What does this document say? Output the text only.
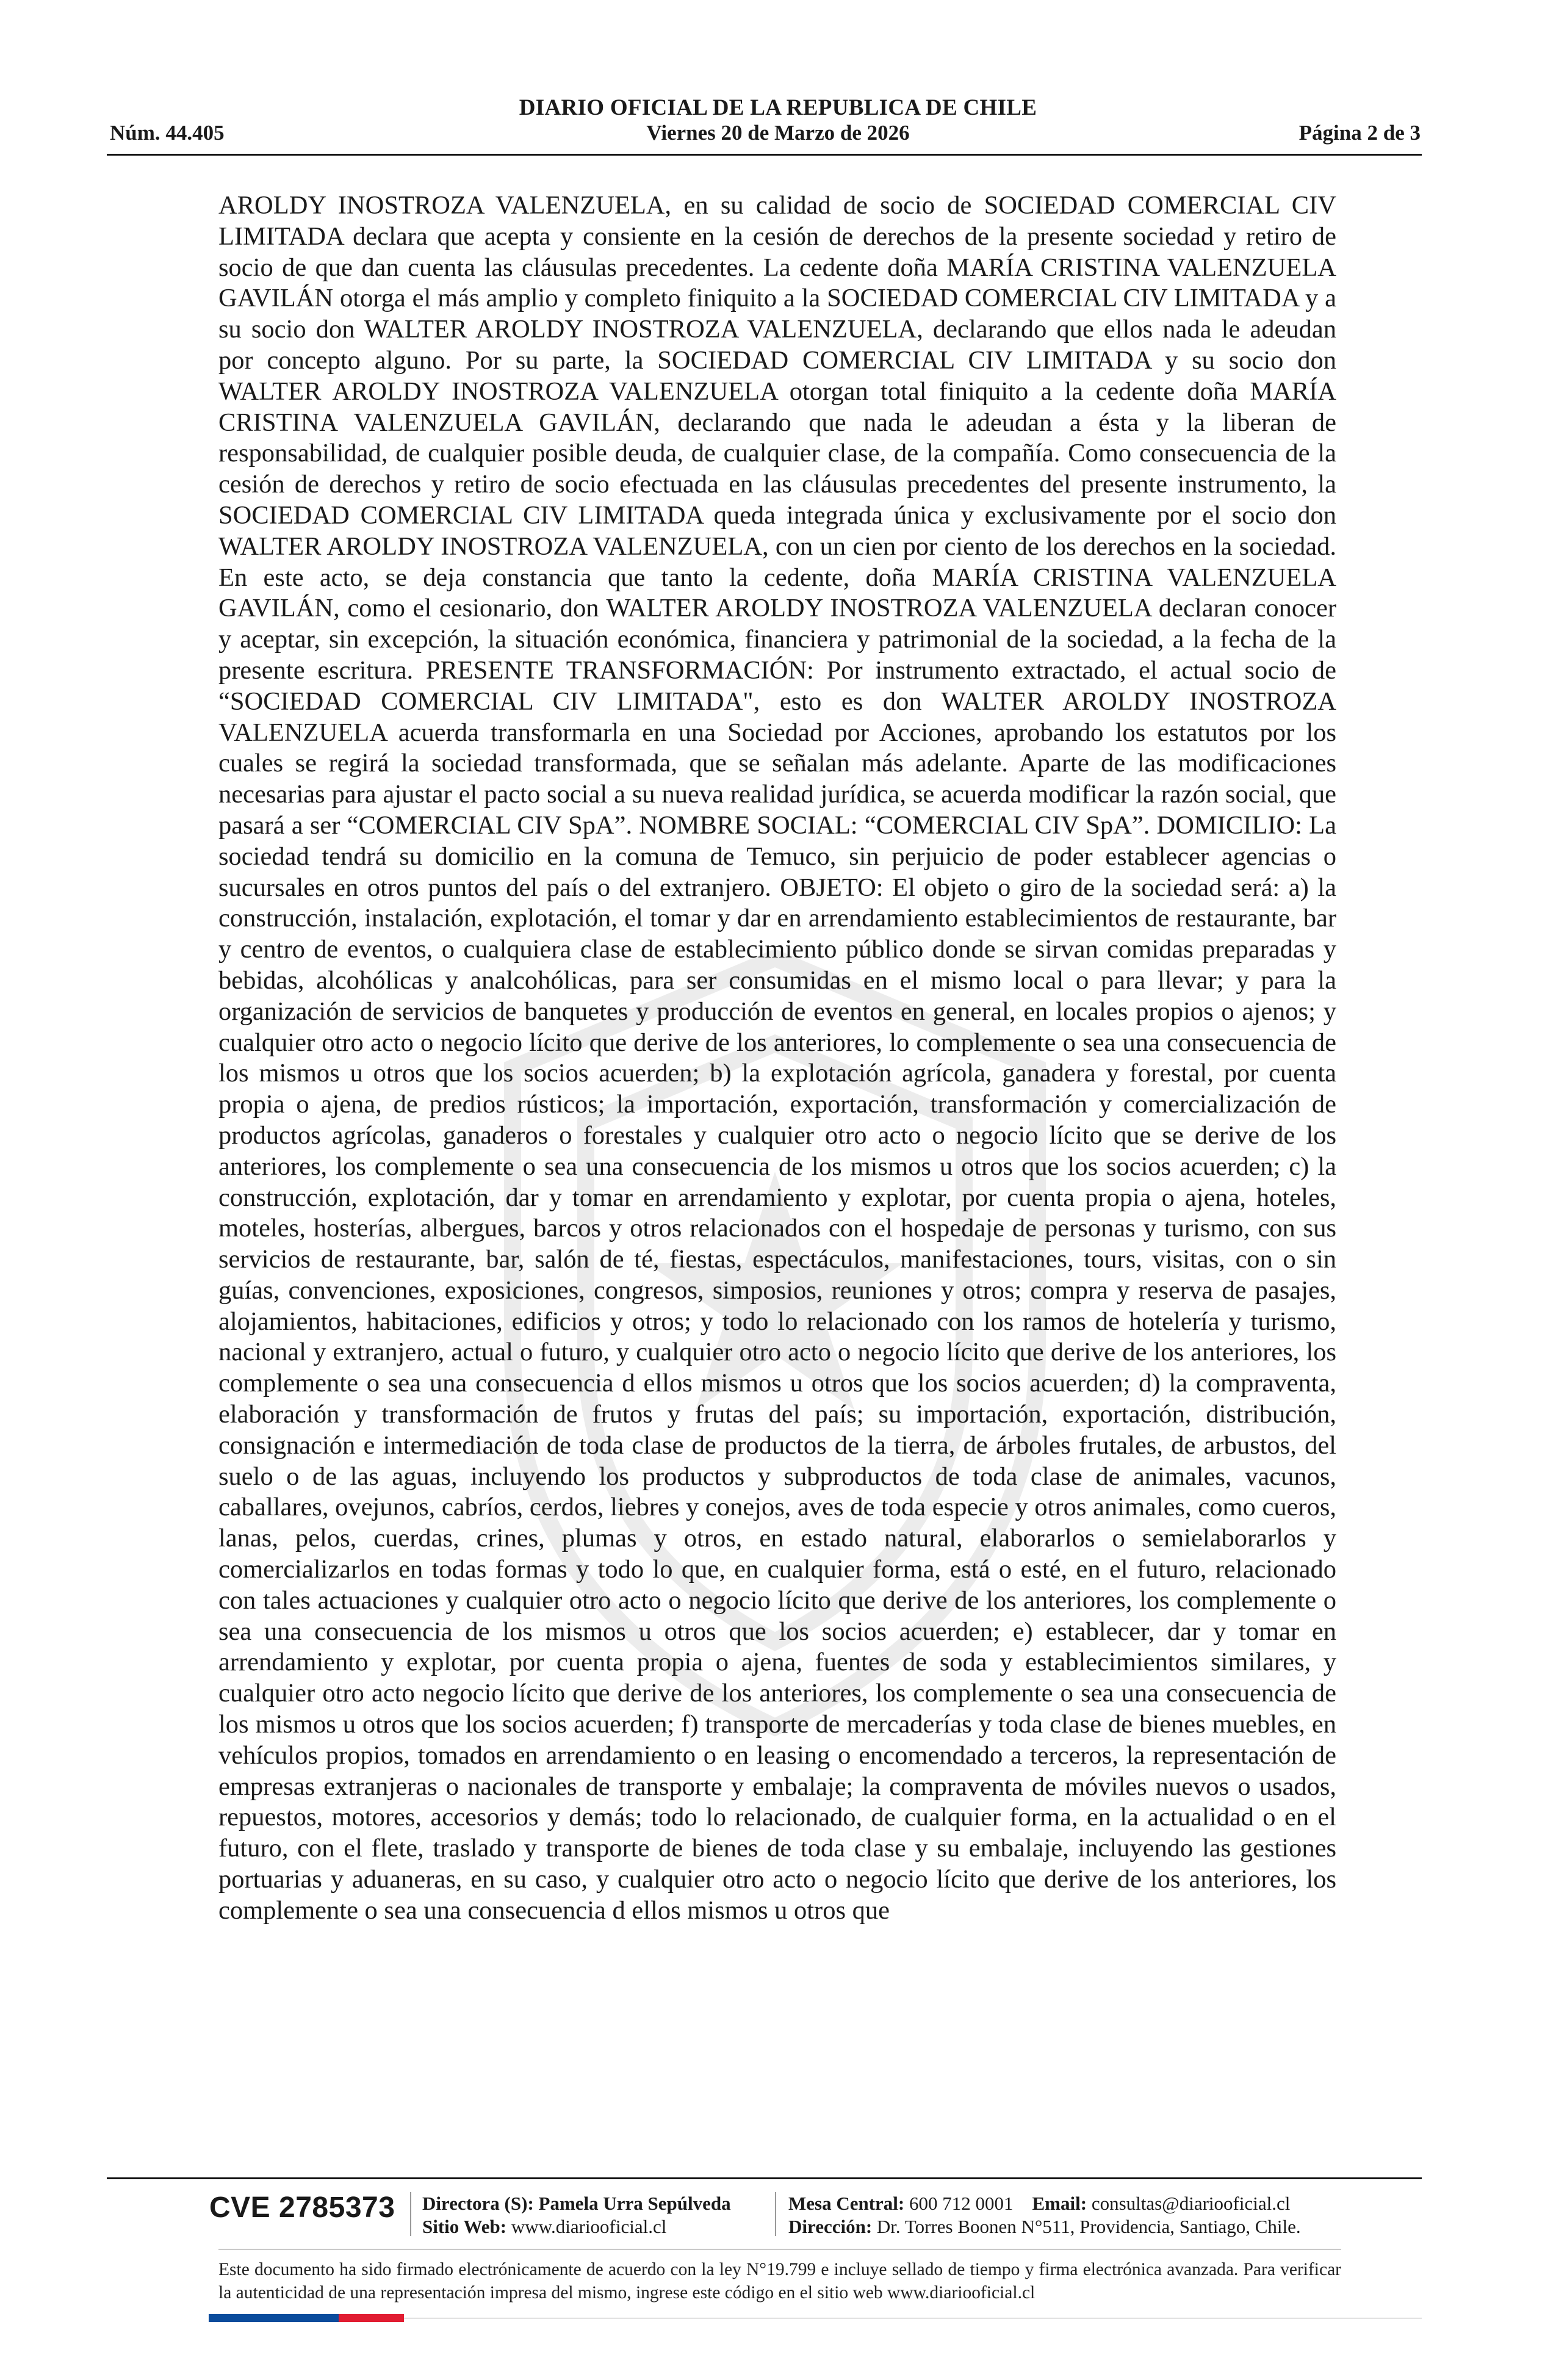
DIARIO OFICIAL DE LA REPUBLICA DE CHILE
Núm. 44.405	Viernes 20 de Marzo de 2026	Página 2 de 3

AROLDY INOSTROZA VALENZUELA, en su calidad de socio de SOCIEDAD COMERCIAL CIV LIMITADA declara que acepta y consiente en la cesión de derechos de la presente sociedad y retiro de socio de que dan cuenta las cláusulas precedentes. La cedente doña MARÍA CRISTINA VALENZUELA GAVILÁN otorga el más amplio y completo finiquito a la SOCIEDAD COMERCIAL CIV LIMITADA y a su socio don WALTER AROLDY INOSTROZA VALENZUELA, declarando que ellos nada le adeudan por concepto alguno. Por su parte, la SOCIEDAD COMERCIAL CIV LIMITADA y su socio don WALTER AROLDY INOSTROZA VALENZUELA otorgan total finiquito a la cedente doña MARÍA CRISTINA VALENZUELA GAVILÁN, declarando que nada le adeudan a ésta y la liberan de responsabilidad, de cualquier posible deuda, de cualquier clase, de la compañía. Como consecuencia de la cesión de derechos y retiro de socio efectuada en las cláusulas precedentes del presente instrumento, la SOCIEDAD COMERCIAL CIV LIMITADA queda integrada única y exclusivamente por el socio don WALTER AROLDY INOSTROZA VALENZUELA, con un cien por ciento de los derechos en la sociedad. En este acto, se deja constancia que tanto la cedente, doña MARÍA CRISTINA VALENZUELA GAVILÁN, como el cesionario, don WALTER AROLDY INOSTROZA VALENZUELA declaran conocer y aceptar, sin excepción, la situación económica, financiera y patrimonial de la sociedad, a la fecha de la presente escritura. PRESENTE TRANSFORMACIÓN: Por instrumento extractado, el actual socio de “SOCIEDAD COMERCIAL CIV LIMITADA", esto es don WALTER AROLDY INOSTROZA VALENZUELA acuerda transformarla en una Sociedad por Acciones, aprobando los estatutos por los cuales se regirá la sociedad transformada, que se señalan más adelante. Aparte de las modificaciones necesarias para ajustar el pacto social a su nueva realidad jurídica, se acuerda modificar la razón social, que pasará a ser “COMERCIAL CIV SpA”. NOMBRE SOCIAL: “COMERCIAL CIV SpA”. DOMICILIO: La sociedad tendrá su domicilio en la comuna de Temuco, sin perjuicio de poder establecer agencias o sucursales en otros puntos del país o del extranjero. OBJETO: El objeto o giro de la sociedad será: a) la construcción, instalación, explotación, el tomar y dar en arrendamiento establecimientos de restaurante, bar y centro de eventos, o cualquiera clase de establecimiento público donde se sirvan comidas preparadas y bebidas, alcohólicas y analcohólicas, para ser consumidas en el mismo local o para llevar; y para la organización de servicios de banquetes y producción de eventos en general, en locales propios o ajenos; y cualquier otro acto o negocio lícito que derive de los anteriores, lo complemente o sea una consecuencia de los mismos u otros que los socios acuerden; b) la explotación agrícola, ganadera y forestal, por cuenta propia o ajena, de predios rústicos; la importación, exportación, transformación y comercialización de productos agrícolas, ganaderos o forestales y cualquier otro acto o negocio lícito que se derive de los anteriores, los complemente o sea una consecuencia de los mismos u otros que los socios acuerden; c) la construcción, explotación, dar y tomar en arrendamiento y explotar, por cuenta propia o ajena, hoteles, moteles, hosterías, albergues, barcos y otros relacionados con el hospedaje de personas y turismo, con sus servicios de restaurante, bar, salón de té, fiestas, espectáculos, manifestaciones, tours, visitas, con o sin guías, convenciones, exposiciones, congresos, simposios, reuniones y otros; compra y reserva de pasajes, alojamientos, habitaciones, edificios y otros; y todo lo relacionado con los ramos de hotelería y turismo, nacional y extranjero, actual o futuro, y cualquier otro acto o negocio lícito que derive de los anteriores, los complemente o sea una consecuencia d ellos mismos u otros que los socios acuerden; d) la compraventa, elaboración y transformación de frutos y frutas del país; su importación, exportación, distribución, consignación e intermediación de toda clase de productos de la tierra, de árboles frutales, de arbustos, del suelo o de las aguas, incluyendo los productos y subproductos de toda clase de animales, vacunos, caballares, ovejunos, cabríos, cerdos, liebres y conejos, aves de toda especie y otros animales, como cueros, lanas, pelos, cuerdas, crines, plumas y otros, en estado natural, elaborarlos o semielaborarlos y comercializarlos en todas formas y todo lo que, en cualquier forma, está o esté, en el futuro, relacionado con tales actuaciones y cualquier otro acto o negocio lícito que derive de los anteriores, los complemente o sea una consecuencia de los mismos u otros que los socios acuerden; e) establecer, dar y tomar en arrendamiento y explotar, por cuenta propia o ajena, fuentes de soda y establecimientos similares, y cualquier otro acto negocio lícito que derive de los anteriores, los complemente o sea una consecuencia de los mismos u otros que los socios acuerden; f) transporte de mercaderías y toda clase de bienes muebles, en vehículos propios, tomados en arrendamiento o en leasing o encomendado a terceros, la representación de empresas extranjeras o nacionales de transporte y embalaje; la compraventa de móviles nuevos o usados, repuestos, motores, accesorios y demás; todo lo relacionado, de cualquier forma, en la actualidad o en el futuro, con el flete, traslado y transporte de bienes de toda clase y su embalaje, incluyendo las gestiones portuarias y aduaneras, en su caso, y cualquier otro acto o negocio lícito que derive de los anteriores, los complemente o sea una consecuencia d ellos mismos u otros que

CVE 2785373 Directora (S): Pamela Urra Sepúlveda
Sitio Web: www.diariooficial.cl
Mesa Central: 600 712 0001 Email: consultas@diariooficial.cl
Dirección: Dr. Torres Boonen N°511, Providencia, Santiago, Chile.
Este documento ha sido firmado electrónicamente de acuerdo con la ley N°19.799 e incluye sellado de tiempo y firma electrónica avanzada. Para verificar la autenticidad de una representación impresa del mismo, ingrese este código en el sitio web www.diariooficial.cl
